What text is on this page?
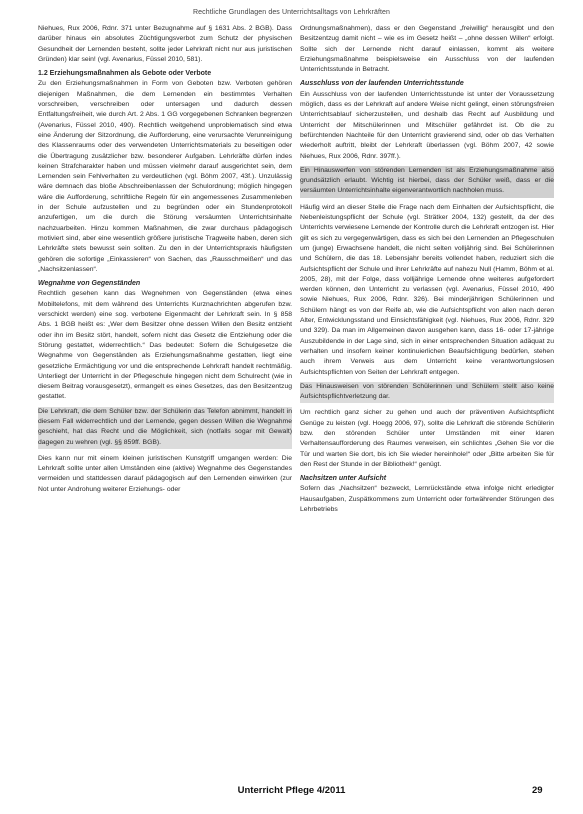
Rechtliche Grundlagen des Unterrichtsalltags von Lehrkräften

Niehues, Rux 2006, Rdnr. 371 unter Bezugnahme auf § 1631 Abs. 2 BGB). Dass darüber hinaus ein absolutes Züchtigungsverbot zum Schutz der physischen Gesundheit der Lernenden besteht, sollte jeder Lehrkraft nicht nur aus juristischen Gründen) klar sein! (vgl. Avenarius, Füssel 2010, 581).

1.2 Erziehungsmaßnahmen als Gebote oder Verbote

Zu den Erziehungsmaßnahmen in Form von Geboten bzw. Verboten gehören diejenigen Maßnahmen, die dem Lernenden ein bestimmtes Verhalten vorschreiben, verschreiben oder untersagen und dadurch dessen Entfaltungsfreiheit, wie durch Art. 2 Abs. 1 GG vorgegebenen Schranken begrenzen (Avenarius, Füssel 2010, 490). Rechtlich weitgehend unproblematisch sind etwa eine Änderung der Sitzordnung, die Aufforderung, eine verursachte Verunreinigung des Klassenraums oder des verwendeten Unterrichtsmaterials zu beseitigen oder die Übertragung zusätzlicher bzw. besonderer Aufgaben. Lehrkräfte dürfen indes keinen Strafcharakter haben und müssen vielmehr darauf ausgerichtet sein, dem Lernenden sein Fehlverhalten zu verdeutlichen (vgl. Böhm 2007, 43f.). Unzulässig wäre demnach das bloße Abschreibenlassen der Schulordnung; möglich hingegen wäre die Aufforderung, schriftliche Regeln für ein angemessenes Zusammenleben in der Schule aufzustellen und zu begründen oder ein Stundenprotokoll anzufertigen, um die durch die Störung versäumten Unterrichtsinhalte nachzuarbeiten. Hinzu kommen Maßnahmen, die zwar durchaus pädagogisch motiviert sind, aber eine wesentlich größere juristische Tragweite haben, deren sich Lehrkräfte stets bewusst sein sollten. Zu den in der Unterrichtspraxis häufigsten gehören die sofortige „Einkassieren“ von Sachen, das „Rausschmeißen“ und das „Nachsitzenlassen“.

Wegnahme von Gegenständen

Rechtlich gesehen kann das Wegnehmen von Gegenständen (etwa eines Mobiltelefons, mit dem während des Unterrichts Kurznachrichten abgerufen bzw. verschickt werden) eine sog. verbotene Eigenmacht der Lehrkraft sein. In § 858 Abs. 1 BGB heißt es: „Wer dem Besitzer ohne dessen Willen den Besitz entzieht oder ihn im Besitz stört, handelt, sofern nicht das Gesetz die Entziehung oder die Störung gestattet, widerrechtlich.“ Das bedeutet: Sofern die Schulgesetze die Wegnahme von Gegenständen als Erziehungsmaßnahme gestatten, liegt eine gesetzliche Ermächtigung vor und die entsprechende Lehrkraft handelt rechtmäßig. Unterliegt der Unterricht in der Pflegeschule hingegen nicht dem Schulrecht (wie in diesem Beitrag vorausgesetzt), ermangelt es eines Gesetzes, das den Besitzentzug gestattet.

Die Lehrkraft, die dem Schüler bzw. der Schülerin das Telefon abnimmt, handelt in diesem Fall widerrechtlich und der Lernende, gegen dessen Willen die Wegnahme geschieht, hat das Recht und die Möglichkeit, sich (notfalls sogar mit Gewalt) dagegen zu wehren (vgl. §§ 859ff. BGB).

Dies kann nur mit einem kleinen juristischen Kunstgriff umgangen werden: Die Lehrkraft sollte unter allen Umständen eine (aktive) Wegnahme des Gegenstandes vermeiden und stattdessen darauf pädagogisch auf den Lernenden einwirken (zur Not unter Androhung weiterer Erziehungs- oder

Ordnungsmaßnahmen), dass er den Gegenstand „freiwillig“ herausgibt und den Besitzentzug damit nicht – wie es im Gesetz heißt – „ohne dessen Willen“ erfolgt. Sollte sich der Lernende nicht darauf einlassen, kommt als weitere Erziehungsmaßnahme beispielsweise ein Ausschluss von der laufenden Unterrichtsstunde in Betracht.

Ausschluss von der laufenden Unterrichtsstunde

Ein Ausschluss von der laufenden Unterrichtsstunde ist unter der Voraussetzung möglich, dass es der Lehrkraft auf andere Weise nicht gelingt, einen störungsfreien Unterrichtsablauf sicherzustellen, und deshalb das Recht auf Ausbildung und Unterricht der Mitschülerinnen und Mitschüler gefährdet ist. Ob die zu befürchtenden Nachteile für den Unterricht gravierend sind, oder ob das Verhalten wiederholt auftritt, bleibt der Lehrkraft überlassen (vgl. Böhm 2007, 42 sowie Niehues, Rux 2006, Rdnr. 397ff.).

Ein Hinauswerfen von störenden Lernenden ist als Erziehungsmaßnahme also grundsätzlich erlaubt. Wichtig ist hierbei, dass der Schüler weiß, dass er die versäumten Unterrichtsinhalte eigenverantwortlich nachholen muss.

Häufig wird an dieser Stelle die Frage nach dem Einhalten der Aufsichtspflicht, die Nebenleistungspflicht der Schule (vgl. Strätker 2004, 132) gestellt, da der des Unterrichts verwiesene Lernende der Kontrolle durch die Lehrkraft entzogen ist. Hier gilt es sich zu vergegenwärtigen, dass es sich bei den Lernenden an Pflegeschulen um (junge) Erwachsene handelt, die nicht selten volljährig sind. Bei Schülerinnen und Schülern, die das 18. Lebensjahr bereits vollendet haben, reduziert sich die Aufsichtspflicht der Schule und ihrer Lehrkräfte auf nahezu Null (Hamm, Böhm et al. 2005, 28), mit der Folge, dass volljährige Lernende ohne weiteres aufgefordert werden können, den Unterricht zu verlassen (vgl. Avenarius, Füssel 2010, 490 sowie Niehues, Rux 2006, Rdnr. 326). Bei minderjährigen Schülerinnen und Schülern hängt es von der Reife ab, wie die Aufsichtspflicht von allen nach deren Alter, Entwicklungsstand und Einsichtsfähigkeit (vgl. Niehues, Rux 2006, Rdnr. 329 und 329). Da man im Allgemeinen davon ausgehen kann, dass 16- oder 17-jährige Auszubildende in der Lage sind, sich in einer entsprechenden Situation adäquat zu verhalten und insofern keiner kontinuierlichen Beaufsichtigung bedürfen, stehen auch ihrem Verweis aus dem Unterricht keine verantwortungslosen Aufsichtspflichten von Seiten der Lehrkraft entgegen.

Das Hinausweisen von störenden Schülerinnen und Schülern stellt also keine Aufsichtspflichtverletzung dar.

Um rechtlich ganz sicher zu gehen und auch der präventiven Aufsichtspflicht Genüge zu leisten (vgl. Hoegg 2006, 97), sollte die Lehrkraft die störende Schülerin bzw. den störenden Schüler unter Umständen mit einer klaren Verhaltensaufforderung des Raumes verweisen, ein schlichtes „Gehen Sie vor die Tür und warten Sie dort, bis ich Sie wieder hereinhole!“ oder „Bitte arbeiten Sie für den Rest der Stunde in der Bibliothek!“ genügt.

Nachsitzen unter Aufsicht

Sofern das „Nachsitzen“ bezweckt, Lernrückstände etwa infolge nicht erledigter Hausaufgaben, Zuspätkommens zum Unterricht oder fortwährender Störungen des Lehrbetriebs

Unterricht Pflege 4/2011	29
